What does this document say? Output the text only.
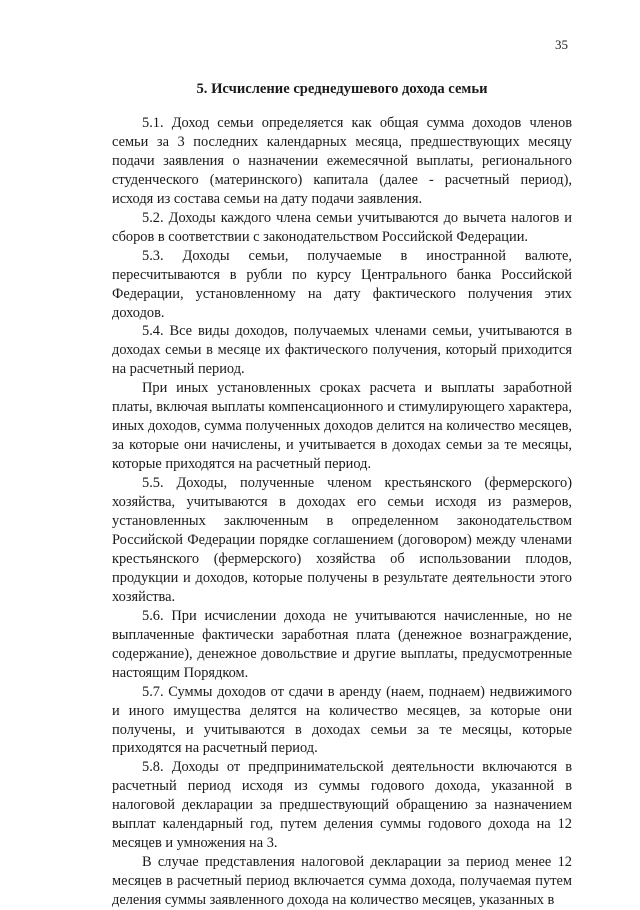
35
5. Исчисление среднедушевого дохода семьи

5.1. Доход семьи определяется как общая сумма доходов членов семьи за 3 последних календарных месяца, предшествующих месяцу подачи заявления о назначении ежемесячной выплаты, регионального студенческого (материнского) капитала (далее - расчетный период), исходя из состава семьи на дату подачи заявления.

5.2. Доходы каждого члена семьи учитываются до вычета налогов и сборов в соответствии с законодательством Российской Федерации.

5.3. Доходы семьи, получаемые в иностранной валюте, пересчитываются в рубли по курсу Центрального банка Российской Федерации, установленному на дату фактического получения этих доходов.

5.4. Все виды доходов, получаемых членами семьи, учитываются в доходах семьи в месяце их фактического получения, который приходится на расчетный период.

При иных установленных сроках расчета и выплаты заработной платы, включая выплаты компенсационного и стимулирующего характера, иных доходов, сумма полученных доходов делится на количество месяцев, за которые они начислены, и учитывается в доходах семьи за те месяцы, которые приходятся на расчетный период.

5.5. Доходы, полученные членом крестьянского (фермерского) хозяйства, учитываются в доходах его семьи исходя из размеров, установленных заключенным в определенном законодательством Российской Федерации порядке соглашением (договором) между членами крестьянского (фермерского) хозяйства об использовании плодов, продукции и доходов, которые получены в результате деятельности этого хозяйства.

5.6. При исчислении дохода не учитываются начисленные, но не выплаченные фактически заработная плата (денежное вознаграждение, содержание), денежное довольствие и другие выплаты, предусмотренные настоящим Порядком.

5.7. Суммы доходов от сдачи в аренду (наем, поднаем) недвижимого и иного имущества делятся на количество месяцев, за которые они получены, и учитываются в доходах семьи за те месяцы, которые приходятся на расчетный период.

5.8. Доходы от предпринимательской деятельности включаются в расчетный период исходя из суммы годового дохода, указанной в налоговой декларации за предшествующий обращению за назначением выплат календарный год, путем деления суммы годового дохода на 12 месяцев и умножения на 3.

В случае представления налоговой декларации за период менее 12 месяцев в расчетный период включается сумма дохода, получаемая путем деления суммы заявленного дохода на количество месяцев, указанных в
